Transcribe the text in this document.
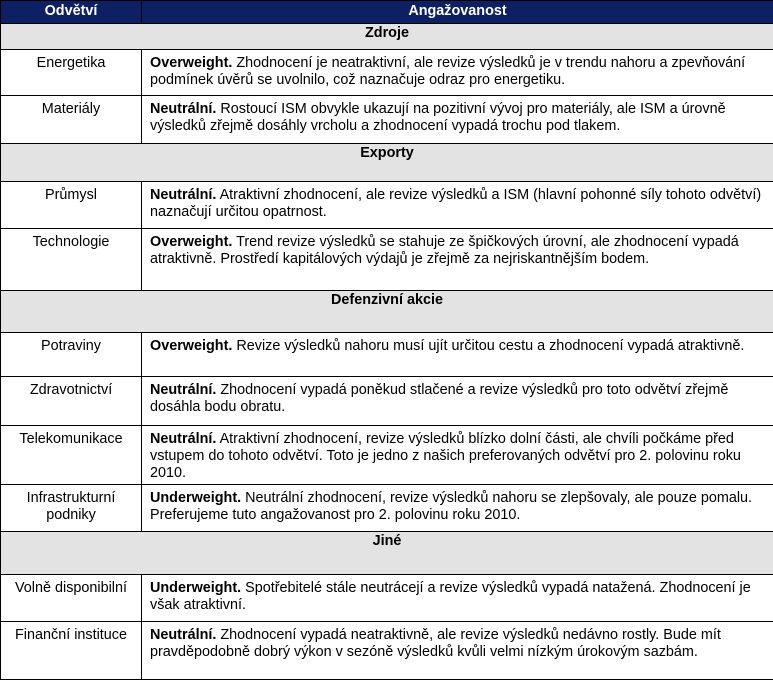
Odvětví	Angažovanost
Zdroje	
Energetika	Overweight. Zhodnocení je neatraktivní, ale revize výsledků je v trendu nahoru a zpevňování podmínek úvěrů se uvolnilo, což naznačuje odraz pro energetiku.
Materiály	Neutrální. Rostoucí ISM obvykle ukazují na pozitivní vývoj pro materiály, ale ISM a úrovně výsledků zřejmě dosáhly vrcholu a zhodnocení vypadá trochu pod tlakem.
Exporty	
Průmysl	Neutrální. Atraktivní zhodnocení, ale revize výsledků a ISM (hlavní pohonné síly tohoto odvětví) naznačují určitou opatrnost.
Technologie	Overweight. Trend revize výsledků se stahuje ze špičkových úrovní, ale zhodnocení vypadá atraktivně. Prostředí kapitálových výdajů je zřejmě za nejriskantnějším bodem.
Defenzivní akcie	
Potraviny	Overweight. Revize výsledků nahoru musí ujít určitou cestu a zhodnocení vypadá atraktivně.
Zdravotnictví	Neutrální. Zhodnocení vypadá poněkud stlačené a revize výsledků pro toto odvětví zřejmě dosáhla bodu obratu.
Telekomunikace	Neutrální. Atraktivní zhodnocení, revize výsledků blízko dolní části, ale chvíli počkáme před vstupem do tohoto odvětví. Toto je jedno z našich preferovaných odvětví pro 2. polovinu roku 2010.
Infrastrukturní podniky	Underweight. Neutrální zhodnocení, revize výsledků nahoru se zlepšovaly, ale pouze pomalu. Preferujeme tuto angažovanost pro 2. polovinu roku 2010.
Jiné	
Volně disponibilní	Underweight. Spotřebitelé stále neutrácejí a revize výsledků vypadá natažená. Zhodnocení je však atraktivní.
Finanční instituce	Neutrální. Zhodnocení vypadá neatraktivně, ale revize výsledků nedávno rostly. Bude mít pravděpodobně dobrý výkon v sezóně výsledků kvůli velmi nízkým úrokovým sazbám.
